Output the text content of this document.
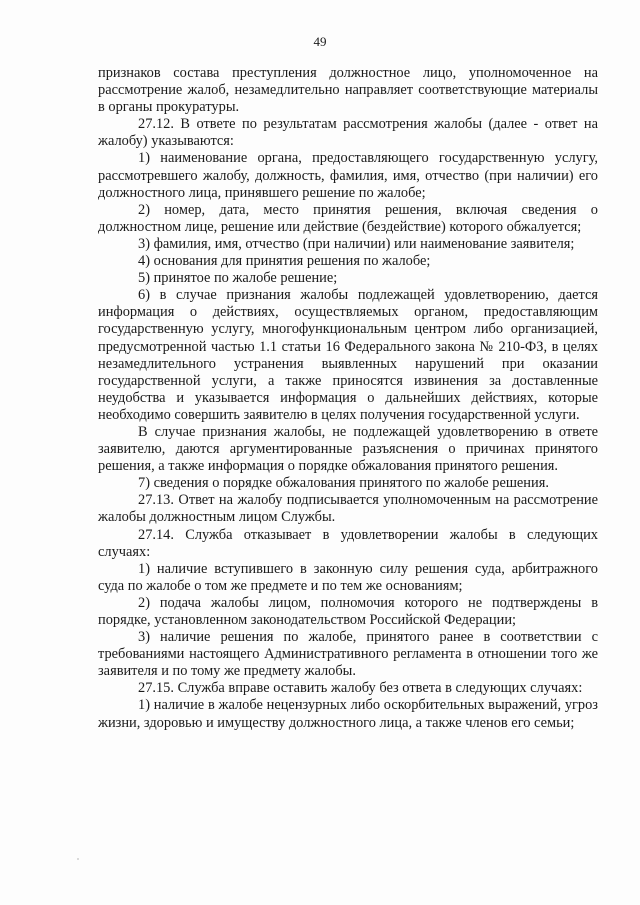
49

признаков состава преступления должностное лицо, уполномоченное на рассмотрение жалоб, незамедлительно направляет соответствующие материалы в органы прокуратуры.

27.12. В ответе по результатам рассмотрения жалобы (далее - ответ на жалобу) указываются:

1) наименование органа, предоставляющего государственную услугу, рассмотревшего жалобу, должность, фамилия, имя, отчество (при наличии) его должностного лица, принявшего решение по жалобе;

2) номер, дата, место принятия решения, включая сведения о должностном лице, решение или действие (бездействие) которого обжалуется;

3) фамилия, имя, отчество (при наличии) или наименование заявителя;

4) основания для принятия решения по жалобе;

5) принятое по жалобе решение;

6) в случае признания жалобы подлежащей удовлетворению, дается информация о действиях, осуществляемых органом, предоставляющим государственную услугу, многофункциональным центром либо организацией, предусмотренной частью 1.1 статьи 16 Федерального закона № 210-ФЗ, в целях незамедлительного устранения выявленных нарушений при оказании государственной услуги, а также приносятся извинения за доставленные неудобства и указывается информация о дальнейших действиях, которые необходимо совершить заявителю в целях получения государственной услуги.

В случае признания жалобы, не подлежащей удовлетворению в ответе заявителю, даются аргументированные разъяснения о причинах принятого решения, а также информация о порядке обжалования принятого решения.

7) сведения о порядке обжалования принятого по жалобе решения.

27.13. Ответ на жалобу подписывается уполномоченным на рассмотрение жалобы должностным лицом Службы.

27.14. Служба отказывает в удовлетворении жалобы в следующих случаях:

1) наличие вступившего в законную силу решения суда, арбитражного суда по жалобе о том же предмете и по тем же основаниям;

2) подача жалобы лицом, полномочия которого не подтверждены в порядке, установленном законодательством Российской Федерации;

3) наличие решения по жалобе, принятого ранее в соответствии с требованиями настоящего Административного регламента в отношении того же заявителя и по тому же предмету жалобы.

27.15. Служба вправе оставить жалобу без ответа в следующих случаях:

1) наличие в жалобе нецензурных либо оскорбительных выражений, угроз жизни, здоровью и имуществу должностного лица, а также членов его семьи;
